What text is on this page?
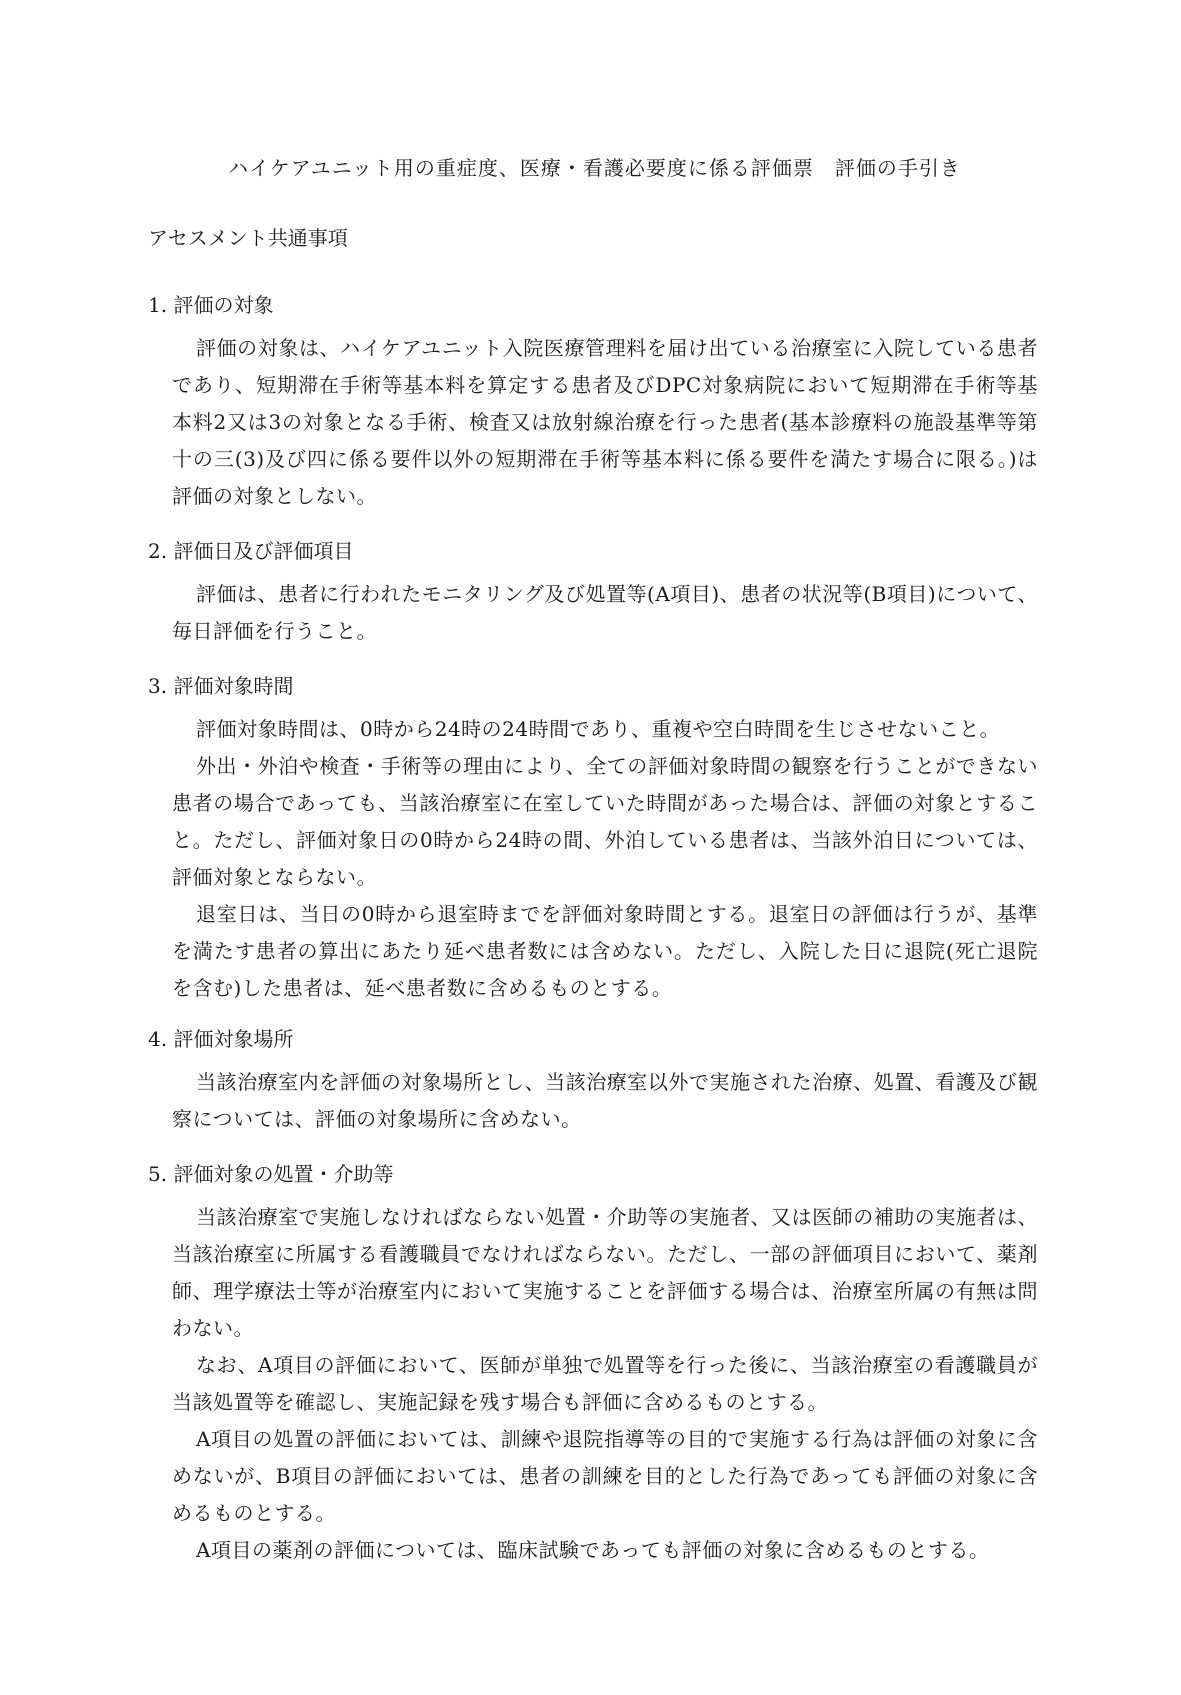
ハイケアユニット用の重症度、医療・看護必要度に係る評価票　評価の手引き
アセスメント共通事項
1. 評価の対象
評価の対象は、ハイケアユニット入院医療管理料を届け出ている治療室に入院している患者であり、短期滞在手術等基本料を算定する患者及びDPC対象病院において短期滞在手術等基本料2又は3の対象となる手術、検査又は放射線治療を行った患者(基本診療料の施設基準等第十の三(3)及び四に係る要件以外の短期滞在手術等基本料に係る要件を満たす場合に限る。)は評価の対象としない。
2. 評価日及び評価項目
評価は、患者に行われたモニタリング及び処置等(A項目)、患者の状況等(B項目)について、毎日評価を行うこと。
3. 評価対象時間
評価対象時間は、0時から24時の24時間であり、重複や空白時間を生じさせないこと。
外出・外泊や検査・手術等の理由により、全ての評価対象時間の観察を行うことができない患者の場合であっても、当該治療室に在室していた時間があった場合は、評価の対象とすること。ただし、評価対象日の0時から24時の間、外泊している患者は、当該外泊日については、評価対象とならない。
退室日は、当日の0時から退室時までを評価対象時間とする。退室日の評価は行うが、基準を満たす患者の算出にあたり延べ患者数には含めない。ただし、入院した日に退院(死亡退院を含む)した患者は、延べ患者数に含めるものとする。
4. 評価対象場所
当該治療室内を評価の対象場所とし、当該治療室以外で実施された治療、処置、看護及び観察については、評価の対象場所に含めない。
5. 評価対象の処置・介助等
当該治療室で実施しなければならない処置・介助等の実施者、又は医師の補助の実施者は、当該治療室に所属する看護職員でなければならない。ただし、一部の評価項目において、薬剤師、理学療法士等が治療室内において実施することを評価する場合は、治療室所属の有無は問わない。
なお、A項目の評価において、医師が単独で処置等を行った後に、当該治療室の看護職員が当該処置等を確認し、実施記録を残す場合も評価に含めるものとする。
A項目の処置の評価においては、訓練や退院指導等の目的で実施する行為は評価の対象に含めないが、B項目の評価においては、患者の訓練を目的とした行為であっても評価の対象に含めるものとする。
A項目の薬剤の評価については、臨床試験であっても評価の対象に含めるものとする。
